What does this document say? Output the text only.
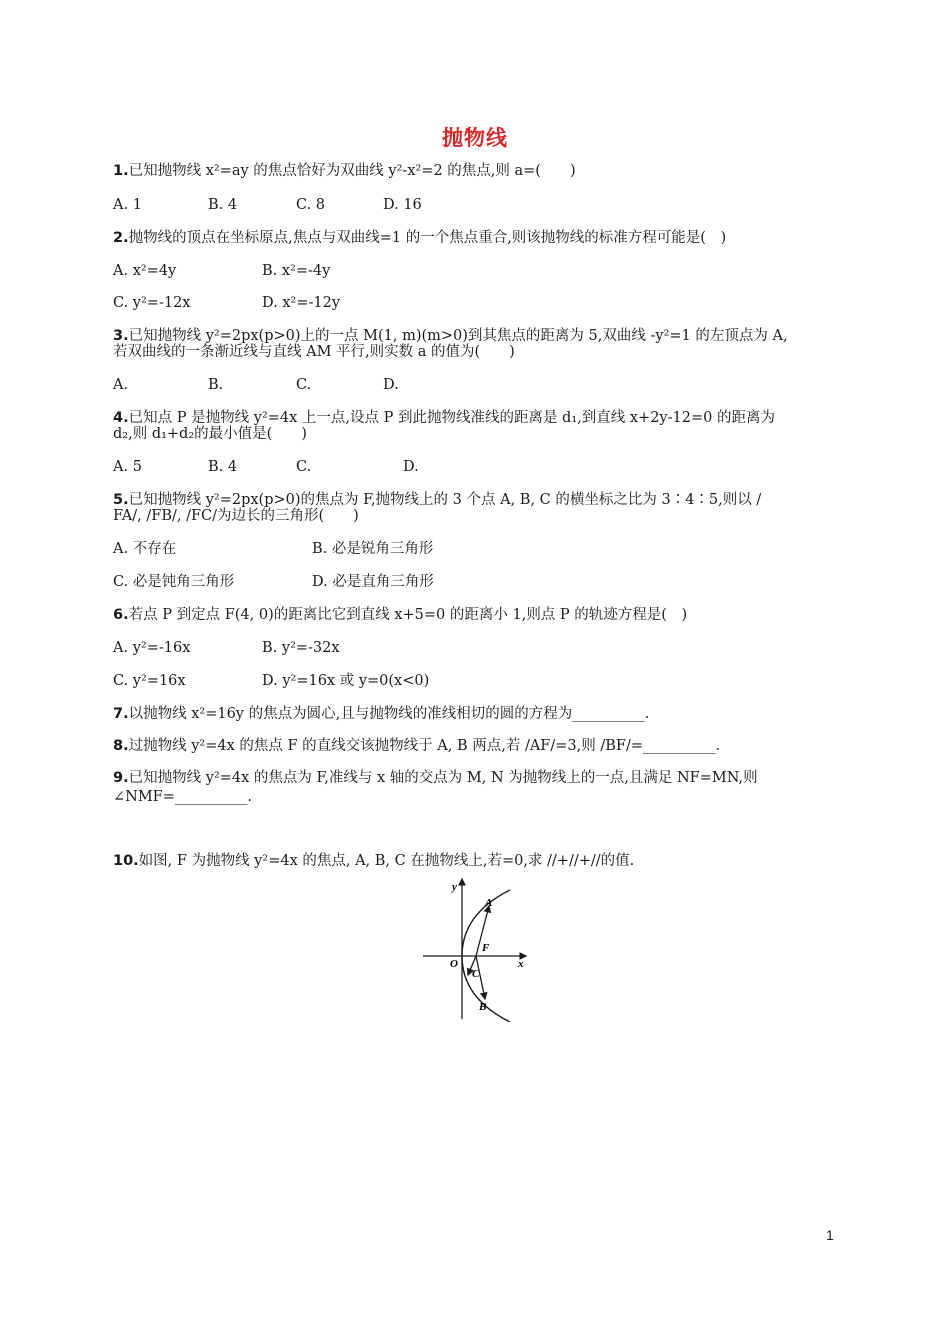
抛物线
1.已知抛物线 x²=ay 的焦点恰好为双曲线 y²-x²=2 的焦点,则 a=(　　)
A. 1	B. 4	C. 8	D. 16
2.抛物线的顶点在坐标原点,焦点与双曲线=1 的一个焦点重合,则该抛物线的标准方程可能是(　)
A. x²=4y	B. x²=-4y
C. y²=-12x	D. x²=-12y
3.已知抛物线 y²=2px(p>0)上的一点 M(1, m)(m>0)到其焦点的距离为 5,双曲线 -y²=1 的左顶点为 A,
若双曲线的一条渐近线与直线 AM 平行,则实数 a 的值为(　　)
A.	B.	C.	D.
4.已知点 P 是抛物线 y²=4x 上一点,设点 P 到此抛物线准线的距离是 d₁,到直线 x+2y-12=0 的距离为
d₂,则 d₁+d₂的最小值是(　　)
A. 5	B. 4	C.	D.
5.已知抛物线 y²=2px(p>0)的焦点为 F,抛物线上的 3 个点 A, B, C 的横坐标之比为 3∶4∶5,则以 /
FA/, /FB/, /FC/为边长的三角形(　　)
A. 不存在	B. 必是锐角三角形
C. 必是钝角三角形	D. 必是直角三角形
6.若点 P 到定点 F(4, 0)的距离比它到直线 x+5=0 的距离小 1,则点 P 的轨迹方程是(　)
A. y²=-16x	B. y²=-32x
C. y²=16x	D. y²=16x 或 y=0(x<0)
7.以抛物线 x²=16y 的焦点为圆心,且与抛物线的准线相切的圆的方程为__________.
8.过抛物线 y²=4x 的焦点 F 的直线交该抛物线于 A, B 两点,若 /AF/=3,则 /BF/=__________.
9.已知抛物线 y²=4x 的焦点为 F,准线与 x 轴的交点为 M, N 为抛物线上的一点,且满足 NF=MN,则
∠NMF=__________.
10.如图, F 为抛物线 y²=4x 的焦点, A, B, C 在抛物线上,若=0,求 //+//+//的值.
y
x
O
A
F
C
B
1
